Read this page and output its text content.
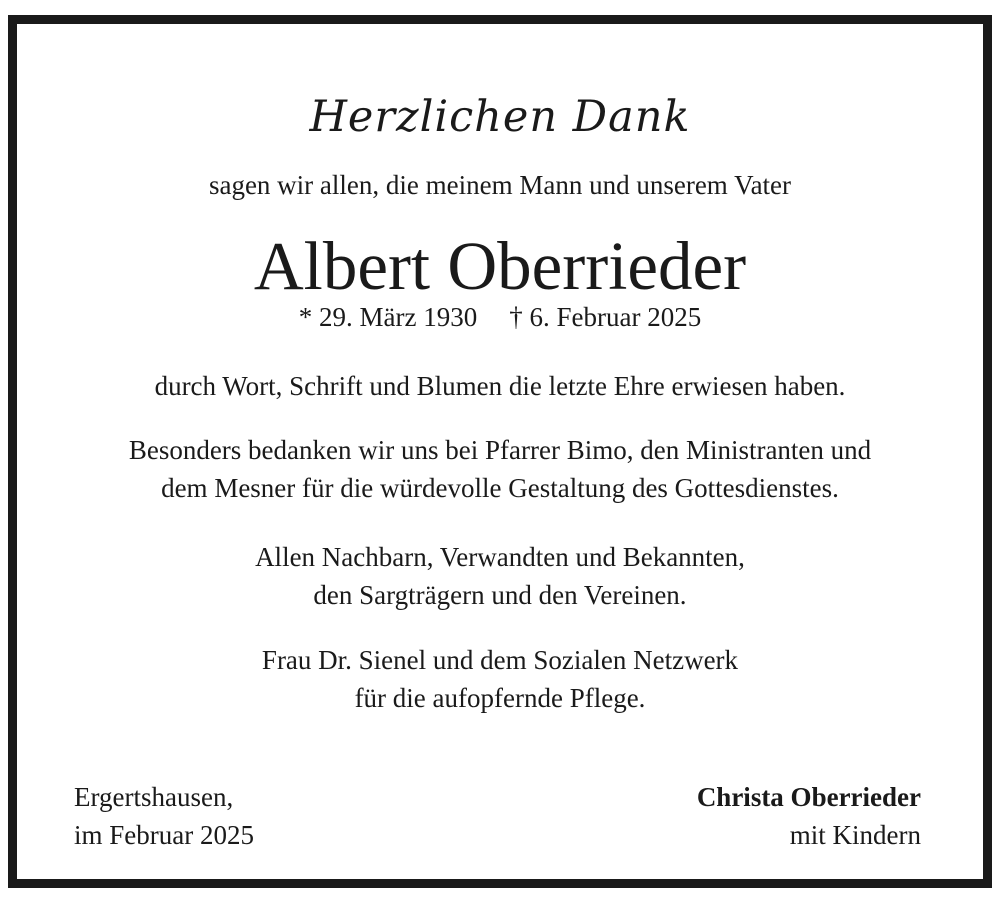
Herzlichen Dank
sagen wir allen, die meinem Mann und unserem Vater
Albert Oberrieder
* 29. März 1930 † 6. Februar 2025
durch Wort, Schrift und Blumen die letzte Ehre erwiesen haben.
Besonders bedanken wir uns bei Pfarrer Bimo, den Ministranten und
dem Mesner für die würdevolle Gestaltung des Gottesdienstes.
Allen Nachbarn, Verwandten und Bekannten,
den Sargträgern und den Vereinen.
Frau Dr. Sienel und dem Sozialen Netzwerk
für die aufopfernde Pflege.
Ergertshausen,
im Februar 2025
Christa Oberrieder
mit Kindern
